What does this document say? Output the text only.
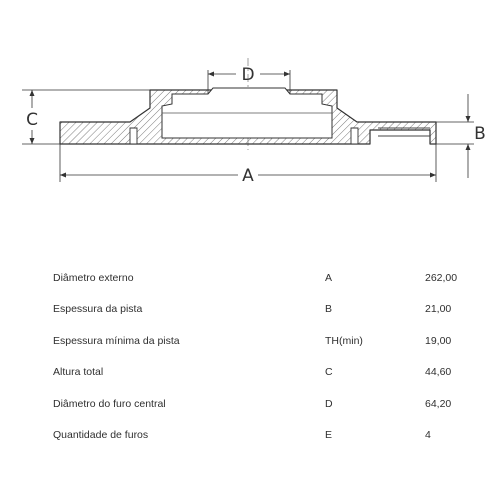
D
C
B
A
Diâmetro externo	A	262,00
Espessura da pista	B	21,00
Espessura mínima da pista	TH(min)	19,00
Altura total	C	44,60
Diâmetro do furo central	D	64,20
Quantidade de furos	E	4
